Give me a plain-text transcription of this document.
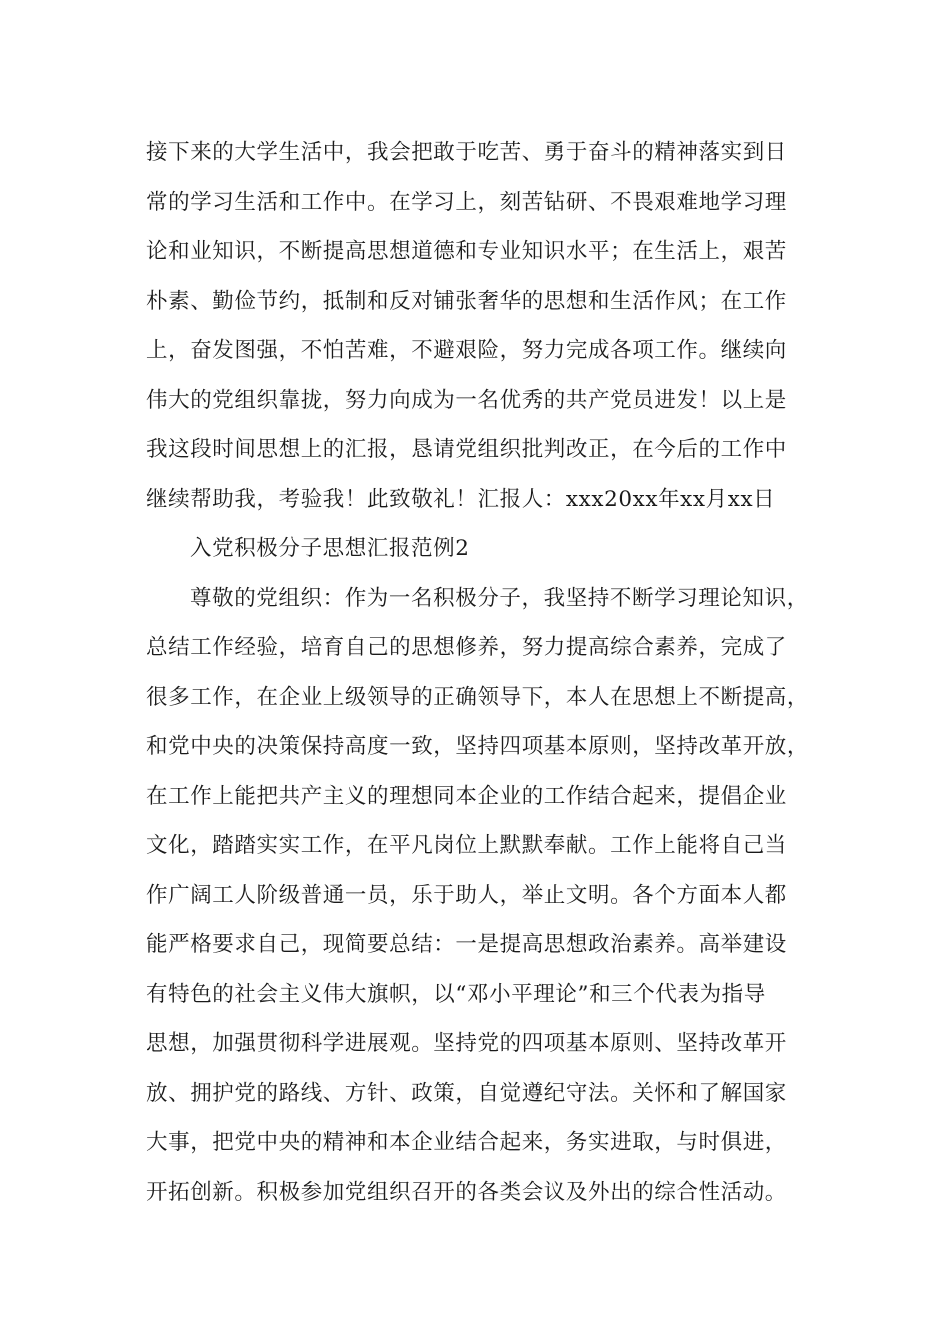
接下来的大学生活中，我会把敢于吃苦、勇于奋斗的精神落实到日
常的学习生活和工作中。在学习上，刻苦钻研、不畏艰难地学习理
论和业知识，不断提高思想道德和专业知识水平；在生活上，艰苦
朴素、勤俭节约，抵制和反对铺张奢华的思想和生活作风；在工作
上，奋发图强，不怕苦难，不避艰险，努力完成各项工作。继续向
伟大的党组织靠拢，努力向成为一名优秀的共产党员进发！以上是
我这段时间思想上的汇报，恳请党组织批判改正，在今后的工作中
继续帮助我，考验我！此致敬礼！汇报人：xxx20xx年xx月xx日
入党积极分子思想汇报范例2
尊敬的党组织：作为一名积极分子，我坚持不断学习理论知识，
总结工作经验，培育自己的思想修养，努力提高综合素养，完成了
很多工作，在企业上级领导的正确领导下，本人在思想上不断提高，
和党中央的决策保持高度一致，坚持四项基本原则，坚持改革开放，
在工作上能把共产主义的理想同本企业的工作结合起来，提倡企业
文化，踏踏实实工作，在平凡岗位上默默奉献。工作上能将自己当
作广阔工人阶级普通一员，乐于助人，举止文明。各个方面本人都
能严格要求自己，现简要总结：一是提高思想政治素养。高举建设
有特色的社会主义伟大旗帜，以“邓小平理论”和三个代表为指导
思想，加强贯彻科学进展观。坚持党的四项基本原则、坚持改革开
放、拥护党的路线、方针、政策，自觉遵纪守法。关怀和了解国家
大事，把党中央的精神和本企业结合起来，务实进取，与时俱进，
开拓创新。积极参加党组织召开的各类会议及外出的综合性活动。
